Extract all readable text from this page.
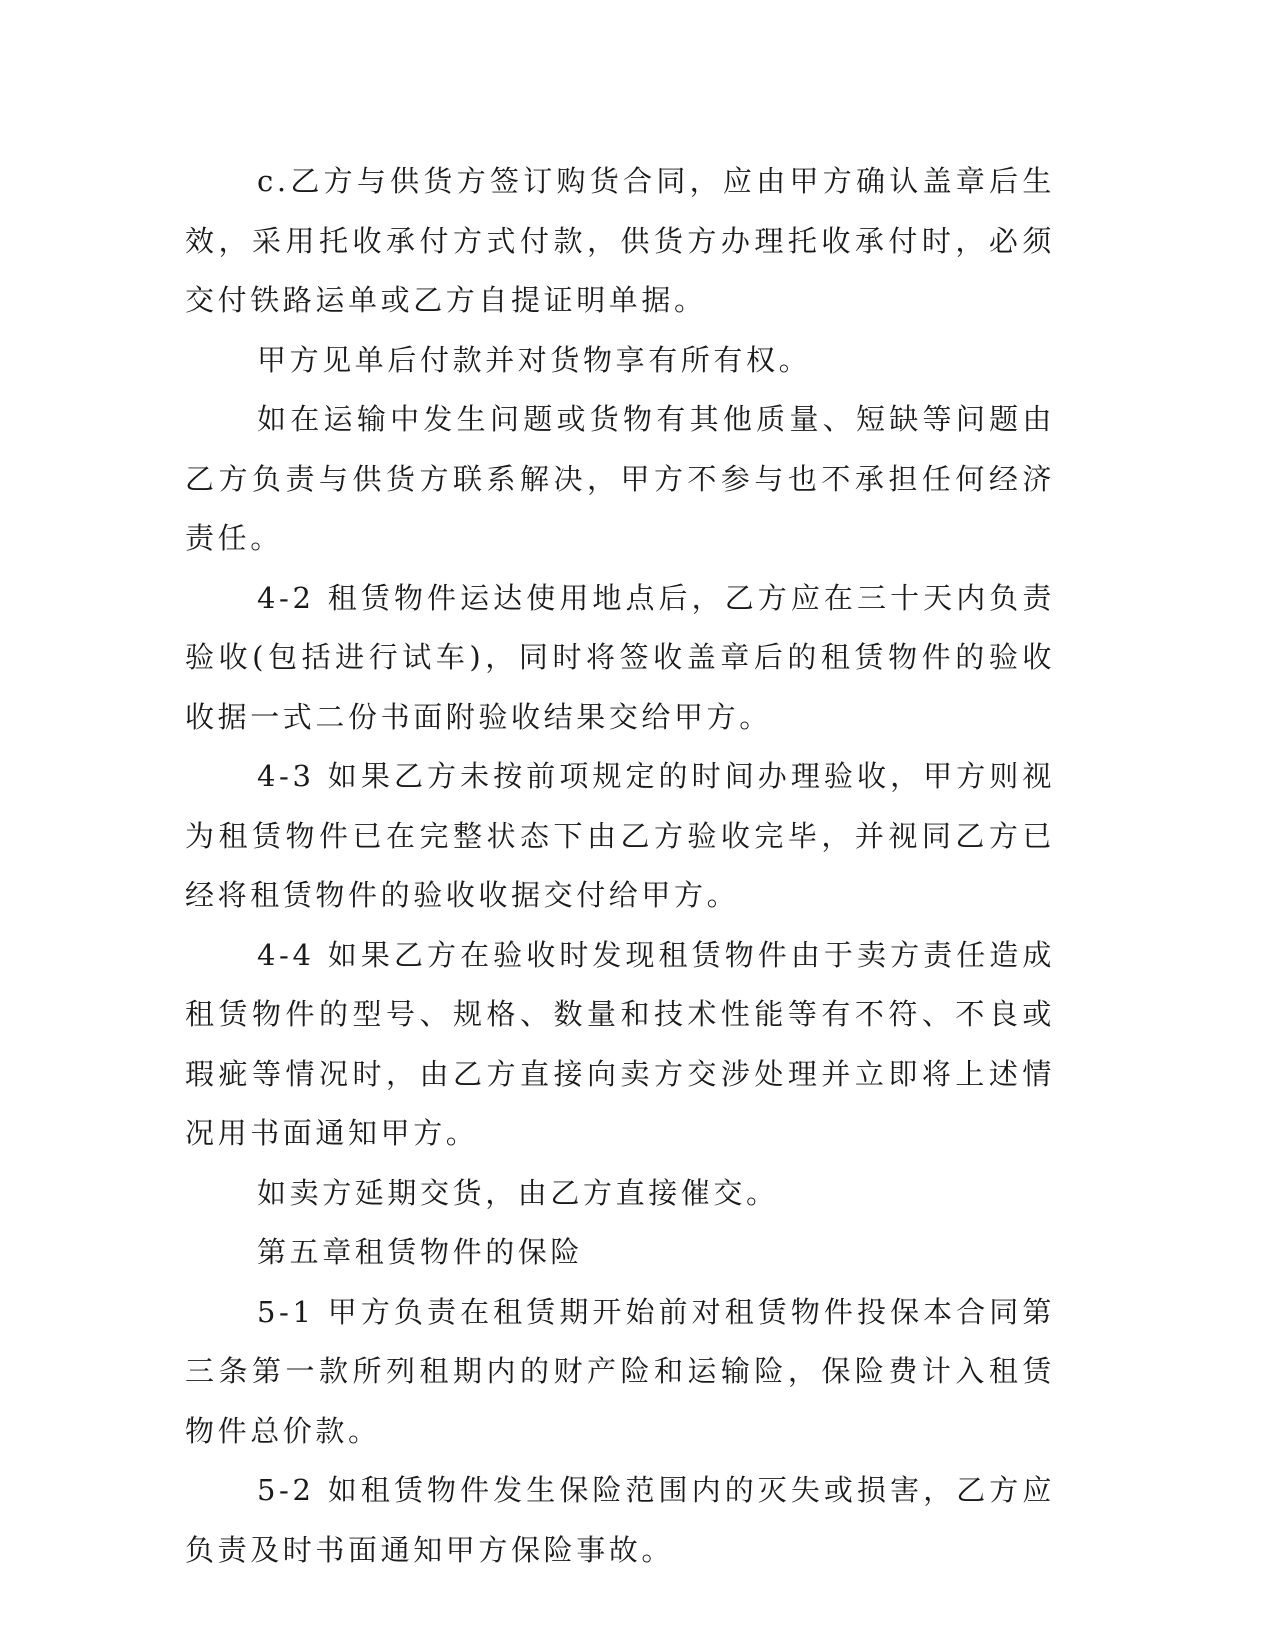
c.乙方与供货方签订购货合同，应由甲方确认盖章后生效，采用托收承付方式付款，供货方办理托收承付时，必须交付铁路运单或乙方自提证明单据。

甲方见单后付款并对货物享有所有权。

如在运输中发生问题或货物有其他质量、短缺等问题由乙方负责与供货方联系解决，甲方不参与也不承担任何经济责任。

4-2 租赁物件运达使用地点后，乙方应在三十天内负责验收(包括进行试车)，同时将签收盖章后的租赁物件的验收收据一式二份书面附验收结果交给甲方。

4-3 如果乙方未按前项规定的时间办理验收，甲方则视为租赁物件已在完整状态下由乙方验收完毕，并视同乙方已经将租赁物件的验收收据交付给甲方。

4-4 如果乙方在验收时发现租赁物件由于卖方责任造成租赁物件的型号、规格、数量和技术性能等有不符、不良或瑕疵等情况时，由乙方直接向卖方交涉处理并立即将上述情况用书面通知甲方。

如卖方延期交货，由乙方直接催交。

第五章租赁物件的保险

5-1 甲方负责在租赁期开始前对租赁物件投保本合同第三条第一款所列租期内的财产险和运输险，保险费计入租赁物件总价款。

5-2 如租赁物件发生保险范围内的灭失或损害，乙方应负责及时书面通知甲方保险事故。
